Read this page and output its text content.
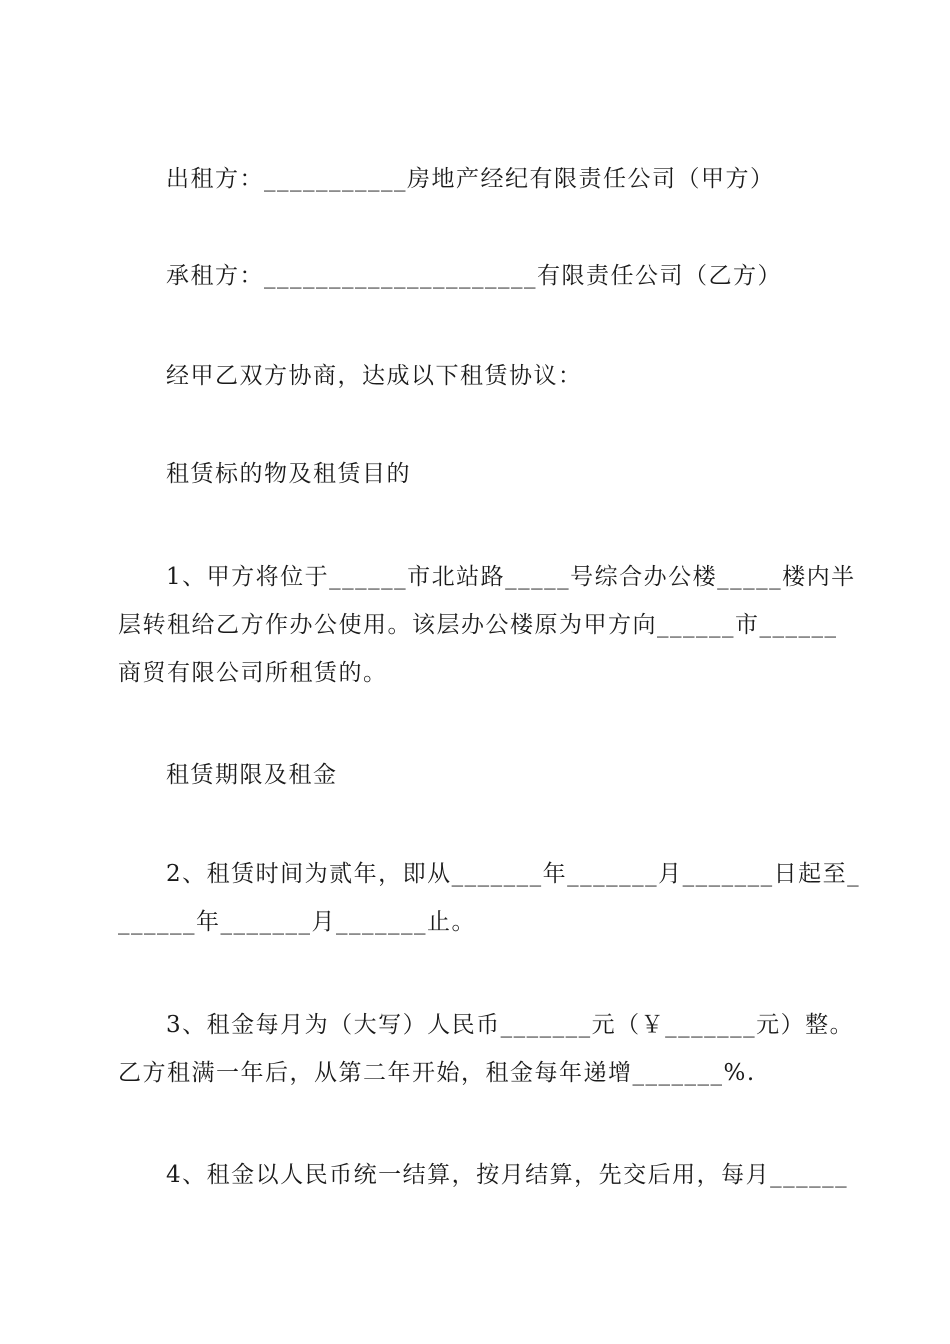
出租方：___________房地产经纪有限责任公司（甲方）
承租方：_____________________有限责任公司（乙方）
经甲乙双方协商，达成以下租赁协议：
租赁标的物及租赁目的
1、甲方将位于______市北站路_____号综合办公楼_____楼内半
层转租给乙方作办公使用。该层办公楼原为甲方向______市______
商贸有限公司所租赁的。
租赁期限及租金
2、租赁时间为贰年，即从_______年_______月_______日起至_
______年_______月_______止。
3、租金每月为（大写）人民币_______元（￥_______元）整。
乙方租满一年后，从第二年开始，租金每年递增_______%.
4、租金以人民币统一结算，按月结算，先交后用，每月______
